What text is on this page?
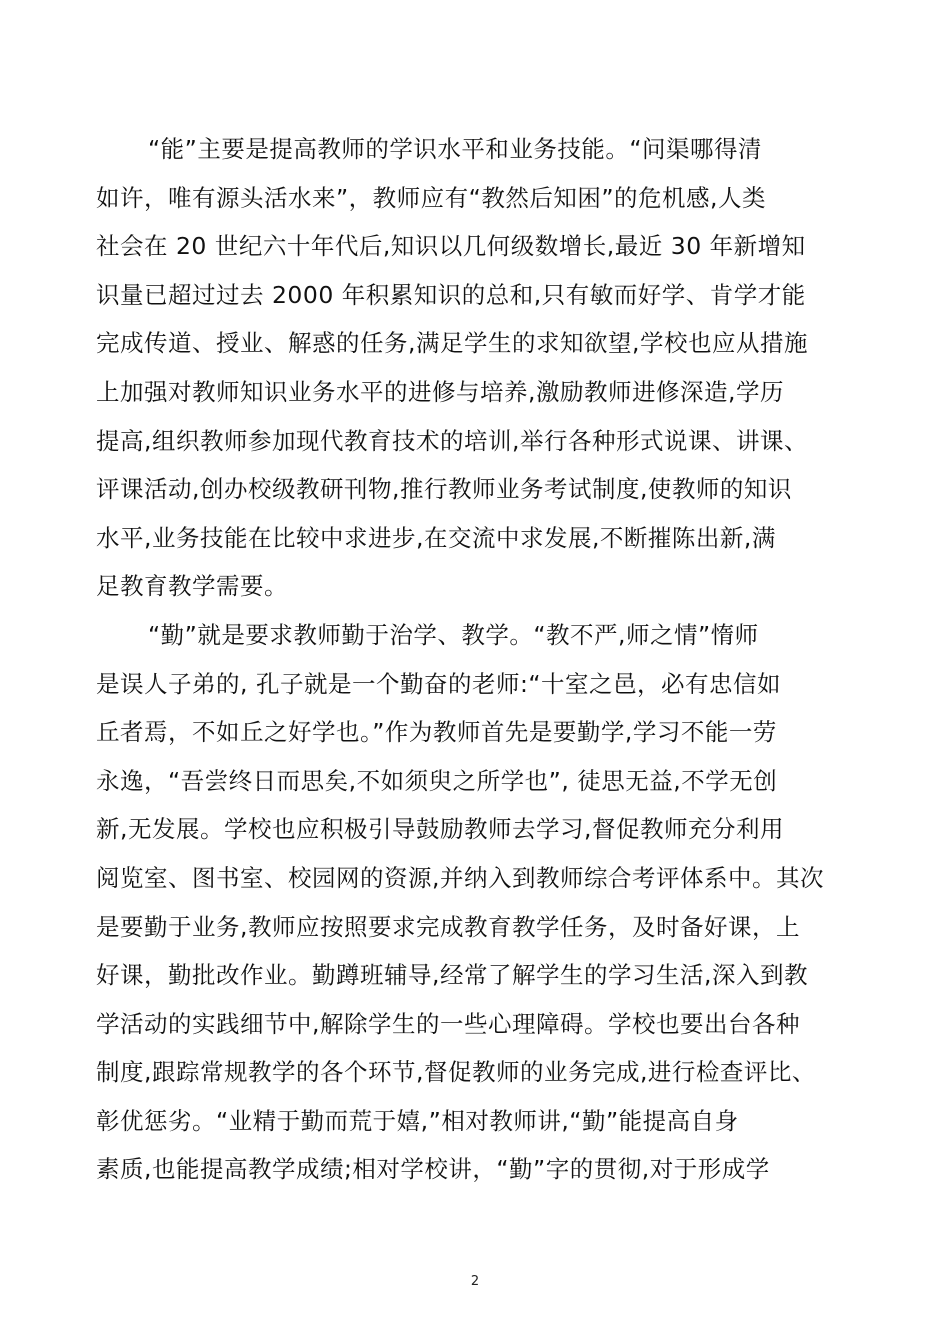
“能”主要是提高教师的学识水平和业务技能。“问渠哪得清
如许，唯有源头活水来”，教师应有“教然后知困”的危机感,人类
社会在 20 世纪六十年代后,知识以几何级数增长,最近 30 年新增知
识量已超过过去 2000 年积累知识的总和,只有敏而好学、肯学才能
完成传道、授业、解惑的任务,满足学生的求知欲望,学校也应从措施
上加强对教师知识业务水平的进修与培养,激励教师进修深造,学历
提高,组织教师参加现代教育技术的培训,举行各种形式说课、讲课、
评课活动,创办校级教研刊物,推行教师业务考试制度,使教师的知识
水平,业务技能在比较中求进步,在交流中求发展,不断摧陈出新,满
足教育教学需要。
“勤”就是要求教师勤于治学、教学。“教不严,师之情”惰师
是误人子弟的, 孔子就是一个勤奋的老师:“十室之邑，必有忠信如
丘者焉，不如丘之好学也。”作为教师首先是要勤学,学习不能一劳
永逸，“吾尝终日而思矣,不如须臾之所学也”, 徒思无益,不学无创
新,无发展。学校也应积极引导鼓励教师去学习,督促教师充分利用
阅览室、图书室、校园网的资源,并纳入到教师综合考评体系中。其次
是要勤于业务,教师应按照要求完成教育教学任务，及时备好课，上
好课，勤批改作业。勤蹲班辅导,经常了解学生的学习生活,深入到教
学活动的实践细节中,解除学生的一些心理障碍。学校也要出台各种
制度,跟踪常规教学的各个环节,督促教师的业务完成,进行检查评比、
彰优惩劣。“业精于勤而荒于嬉,”相对教师讲,“勤”能提高自身
素质,也能提高教学成绩;相对学校讲，“勤”字的贯彻,对于形成学
2
